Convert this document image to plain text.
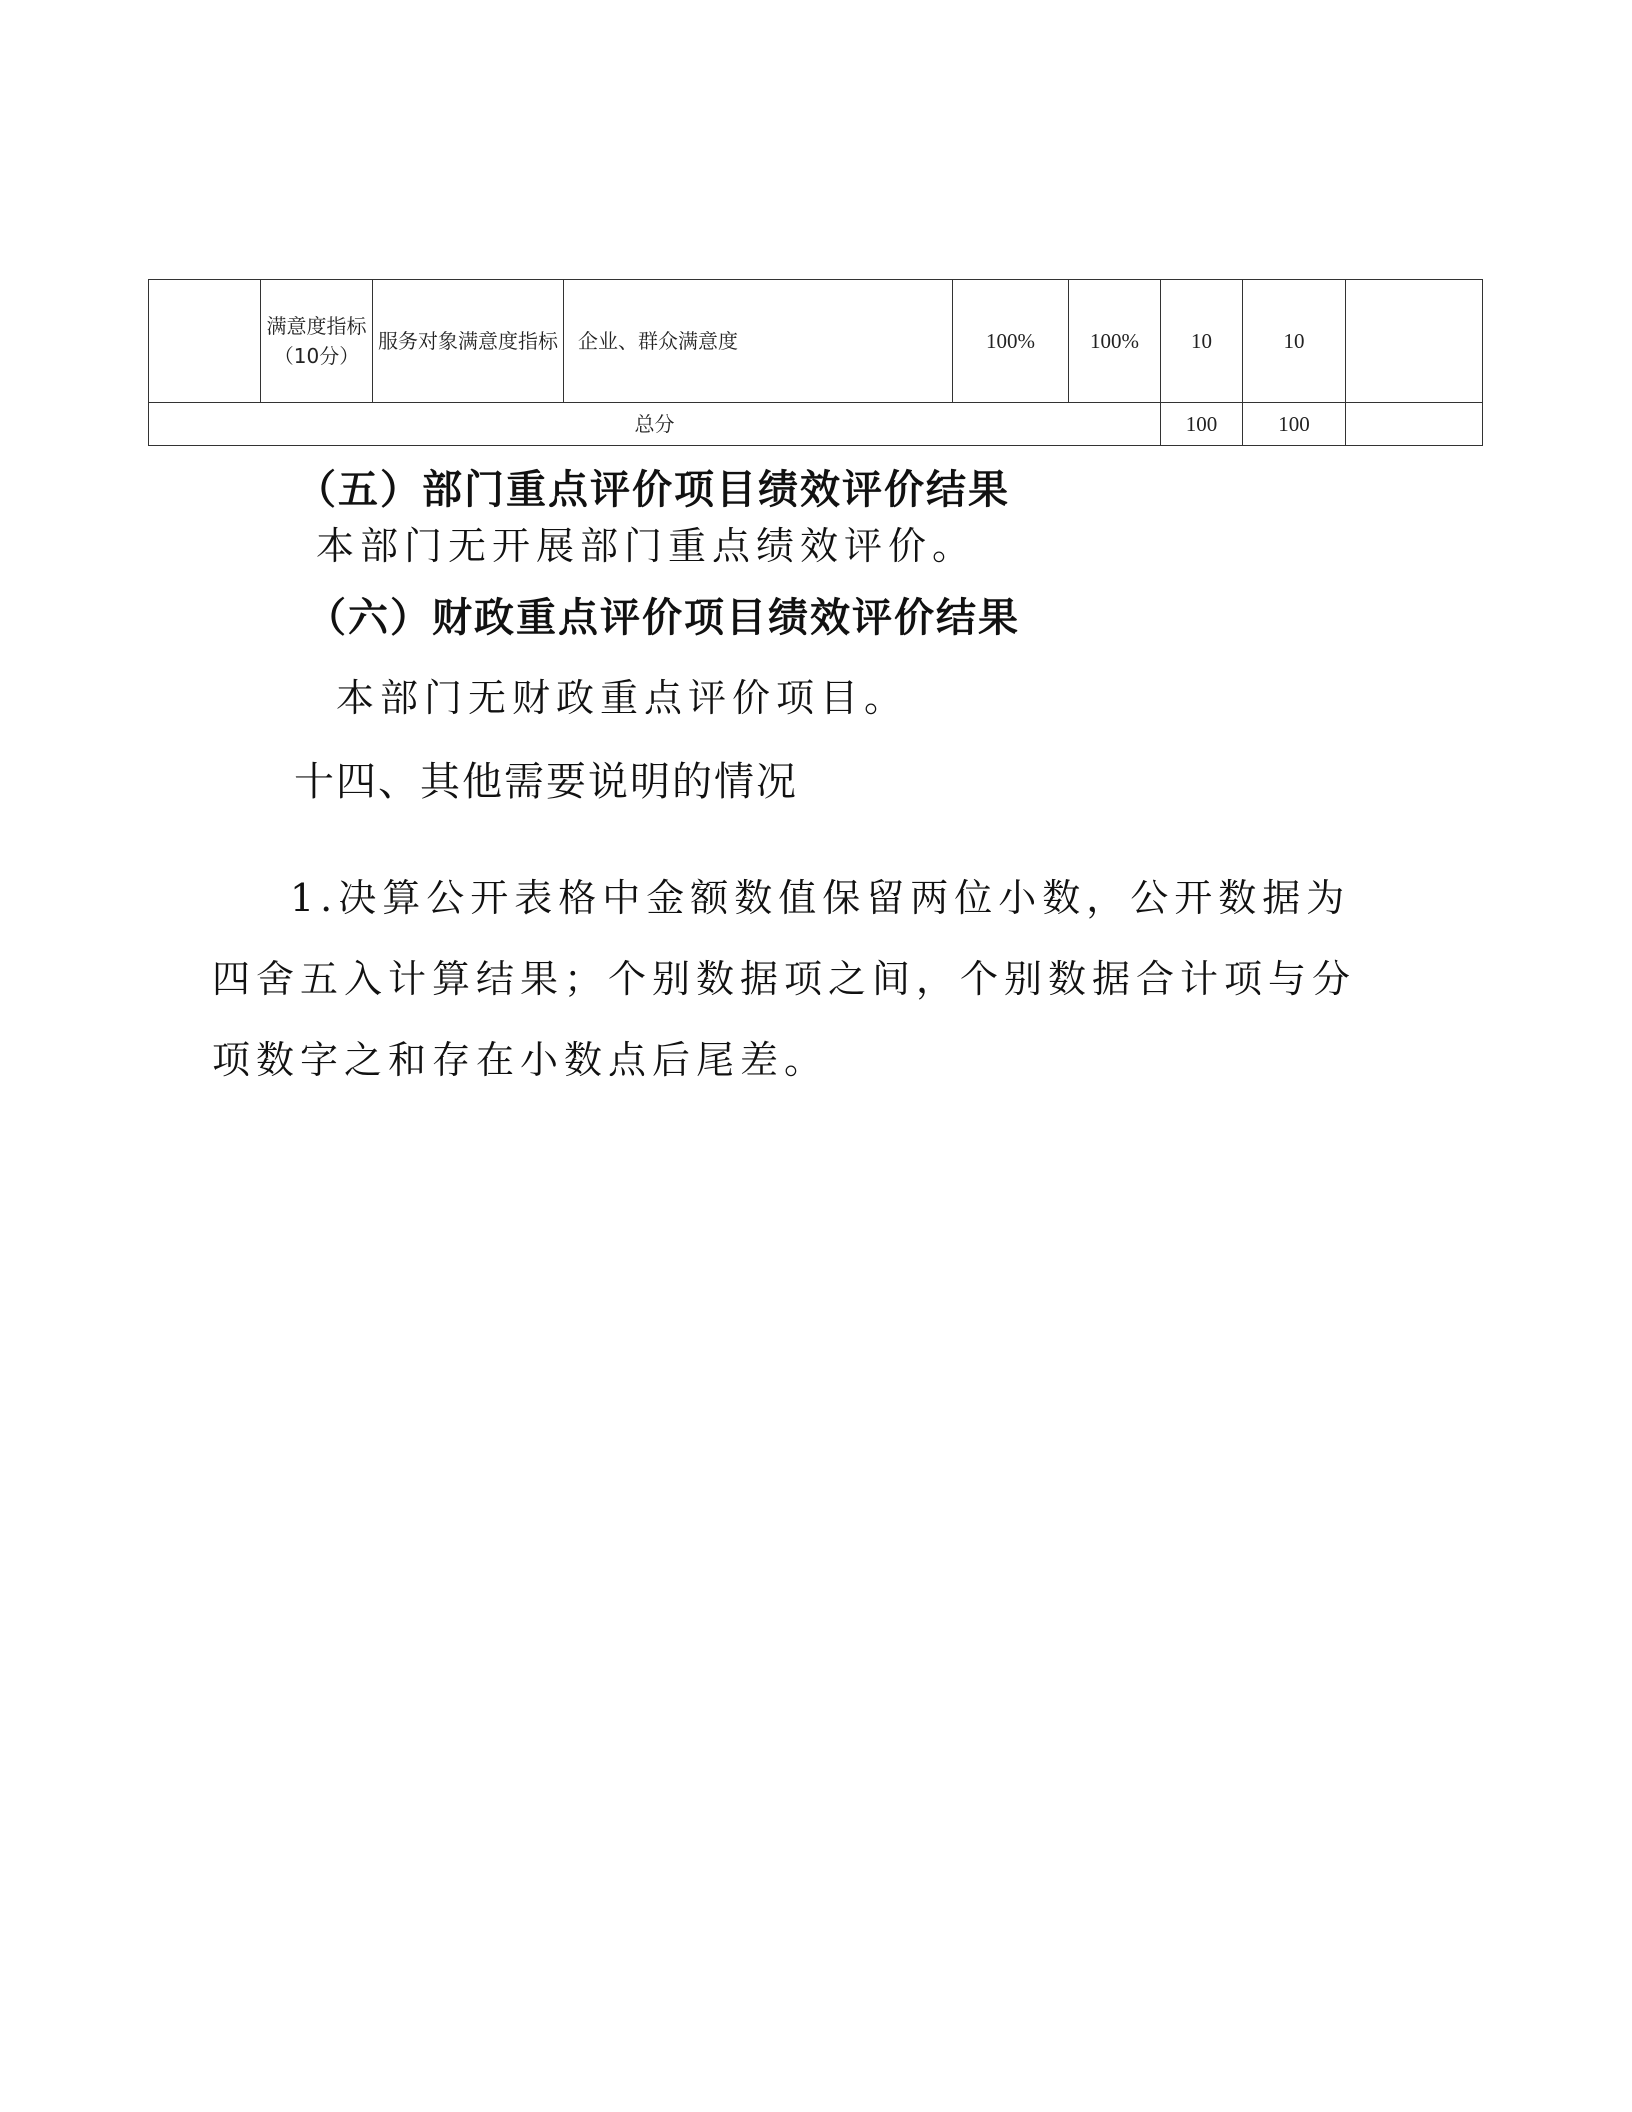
	满意度指标（10分）	服务对象满意度指标	企业、群众满意度	100%	100%	10	10	
总分						100	100	
（五）部门重点评价项目绩效评价结果

本部门无开展部门重点绩效评价。

（六）财政重点评价项目绩效评价结果

本部门无财政重点评价项目。

十四、其他需要说明的情况

1.决算公开表格中金额数值保留两位小数，公开数据为四舍五入计算结果；个别数据项之间，个别数据合计项与分项数字之和存在小数点后尾差。
